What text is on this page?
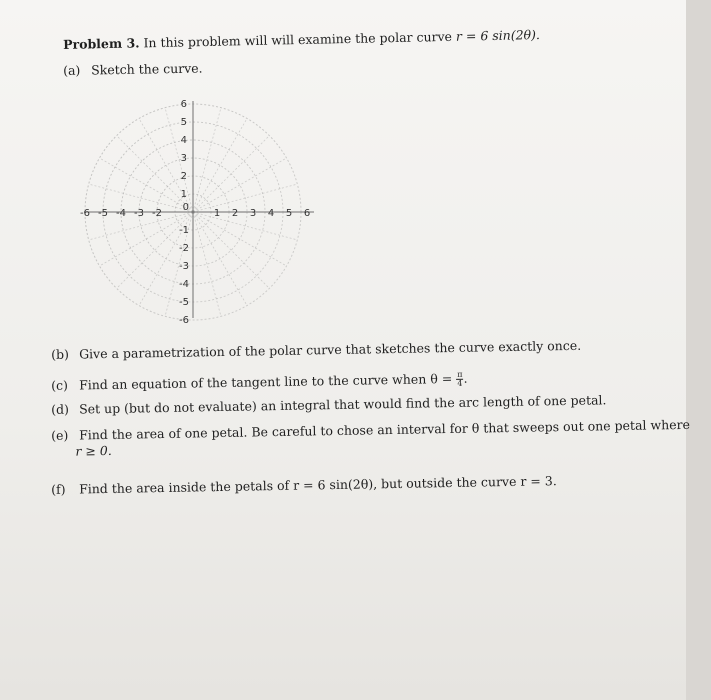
Problem 3. In this problem will will examine the polar curve r = 6 sin(2θ).
(a) Sketch the curve.
-6 -5 -4 -3 -2	1 2 3 4 5 6
6
5
4
3
2
1
0
-1
-2
-3
-4
-5
-6
(b) Give a parametrization of the polar curve that sketches the curve exactly once.
(c) Find an equation of the tangent line to the curve when $\theta = \frac{\pi}{4}$ .
(d) Set up (but do not evaluate) an integral that would find the arc length of one petal.
(e) Find the area of one petal. Be careful to chose an interval for θ that sweeps out one petal where
r ≥ 0.
(f) Find the area inside the petals of r = 6 sin(2θ), but outside the curve r = 3.
